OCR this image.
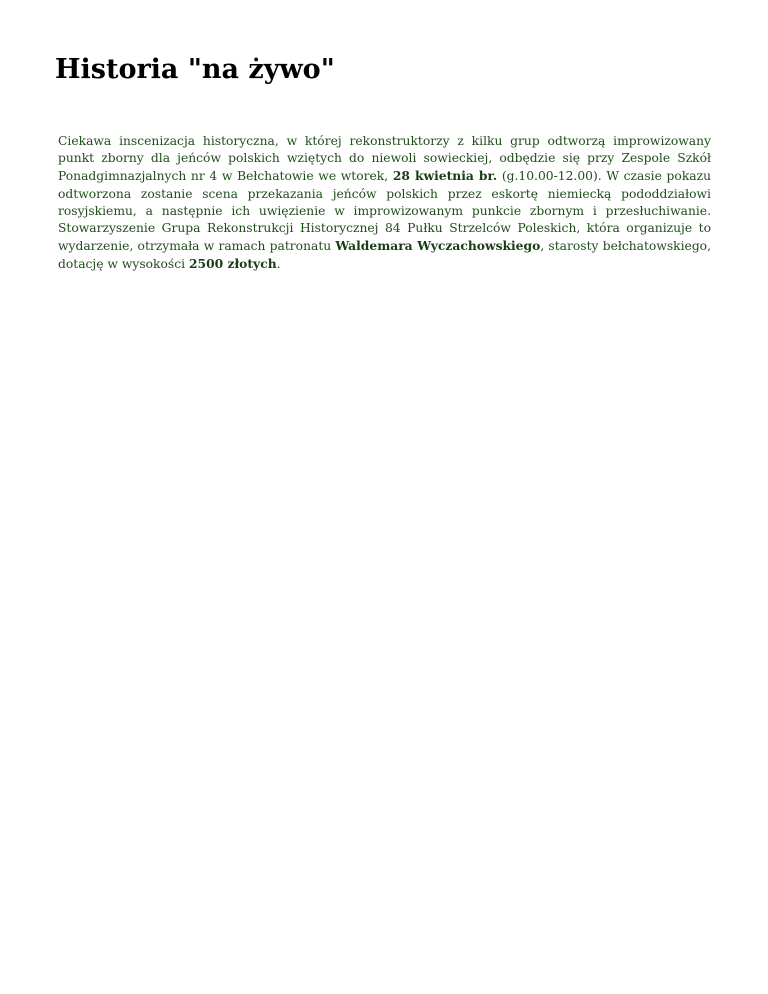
Historia "na żywo"

Ciekawa inscenizacja historyczna, w której rekonstruktorzy z kilku grup odtworzą improwizowany punkt zborny dla jeńców polskich wziętych do niewoli sowieckiej, odbędzie się przy Zespole Szkół Ponadgimnazjalnych nr 4 w Bełchatowie we wtorek, 28 kwietnia br. (g.10.00-12.00). W czasie pokazu odtworzona zostanie scena przekazania jeńców polskich przez eskortę niemiecką pododdziałowi rosyjskiemu, a następnie ich uwięzienie w improwizowanym punkcie zbornym i przesłuchiwanie. Stowarzyszenie Grupa Rekonstrukcji Historycznej 84 Pułku Strzelców Poleskich, która organizuje to wydarzenie, otrzymała w ramach patronatu Waldemara Wyczachowskiego, starosty bełchatowskiego, dotację w wysokości 2500 złotych.
